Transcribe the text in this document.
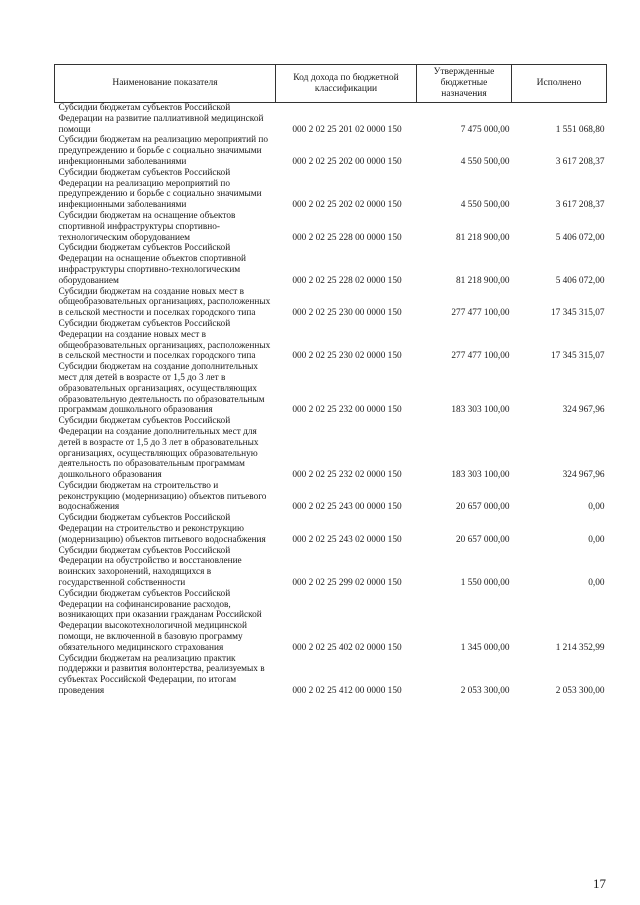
Наименование показателя	Код дохода по бюджетной классификации	Утвержденные бюджетные назначения	Исполнено
Субсидии бюджетам субъектов Российской Федерации на развитие паллиативной медицинской помощи	000 2 02 25 201 02 0000 150	7 475 000,00	1 551 068,80
Субсидии бюджетам на реализацию мероприятий по предупреждению и борьбе с социально значимыми инфекционными заболеваниями	000 2 02 25 202 00 0000 150	4 550 500,00	3 617 208,37
Субсидии бюджетам субъектов Российской Федерации на реализацию мероприятий по предупреждению и борьбе с социально значимыми инфекционными заболеваниями	000 2 02 25 202 02 0000 150	4 550 500,00	3 617 208,37
Субсидии бюджетам на оснащение объектов спортивной инфраструктуры спортивно-технологическим оборудованием	000 2 02 25 228 00 0000 150	81 218 900,00	5 406 072,00
Субсидии бюджетам субъектов Российской Федерации на оснащение объектов спортивной инфраструктуры спортивно-технологическим оборудованием	000 2 02 25 228 02 0000 150	81 218 900,00	5 406 072,00
Субсидии бюджетам на создание новых мест в общеобразовательных организациях, расположенных в сельской местности и поселках городского типа	000 2 02 25 230 00 0000 150	277 477 100,00	17 345 315,07
Субсидии бюджетам субъектов Российской Федерации на создание новых мест в общеобразовательных организациях, расположенных в сельской местности и поселках городского типа	000 2 02 25 230 02 0000 150	277 477 100,00	17 345 315,07
Субсидии бюджетам на создание дополнительных мест для детей в возрасте от 1,5 до 3 лет в образовательных организациях, осуществляющих образовательную деятельность по образовательным программам дошкольного образования	000 2 02 25 232 00 0000 150	183 303 100,00	324 967,96
Субсидии бюджетам субъектов Российской Федерации на создание дополнительных мест для детей в возрасте от 1,5 до 3 лет в образовательных организациях, осуществляющих образовательную деятельность по образовательным программам дошкольного образования	000 2 02 25 232 02 0000 150	183 303 100,00	324 967,96
Субсидии бюджетам на строительство и реконструкцию (модернизацию) объектов питьевого водоснабжения	000 2 02 25 243 00 0000 150	20 657 000,00	0,00
Субсидии бюджетам субъектов Российской Федерации на строительство и реконструкцию (модернизацию) объектов питьевого водоснабжения	000 2 02 25 243 02 0000 150	20 657 000,00	0,00
Субсидии бюджетам субъектов Российской Федерации на обустройство и восстановление воинских захоронений, находящихся в государственной собственности	000 2 02 25 299 02 0000 150	1 550 000,00	0,00
Субсидии бюджетам субъектов Российской Федерации на софинансирование расходов, возникающих при оказании гражданам Российской Федерации высокотехнологичной медицинской помощи, не включенной в базовую программу обязательного медицинского страхования	000 2 02 25 402 02 0000 150	1 345 000,00	1 214 352,99
Субсидии бюджетам на реализацию практик поддержки и развития волонтерства, реализуемых в субъектах Российской Федерации, по итогам проведения	000 2 02 25 412 00 0000 150	2 053 300,00	2 053 300,00
17
